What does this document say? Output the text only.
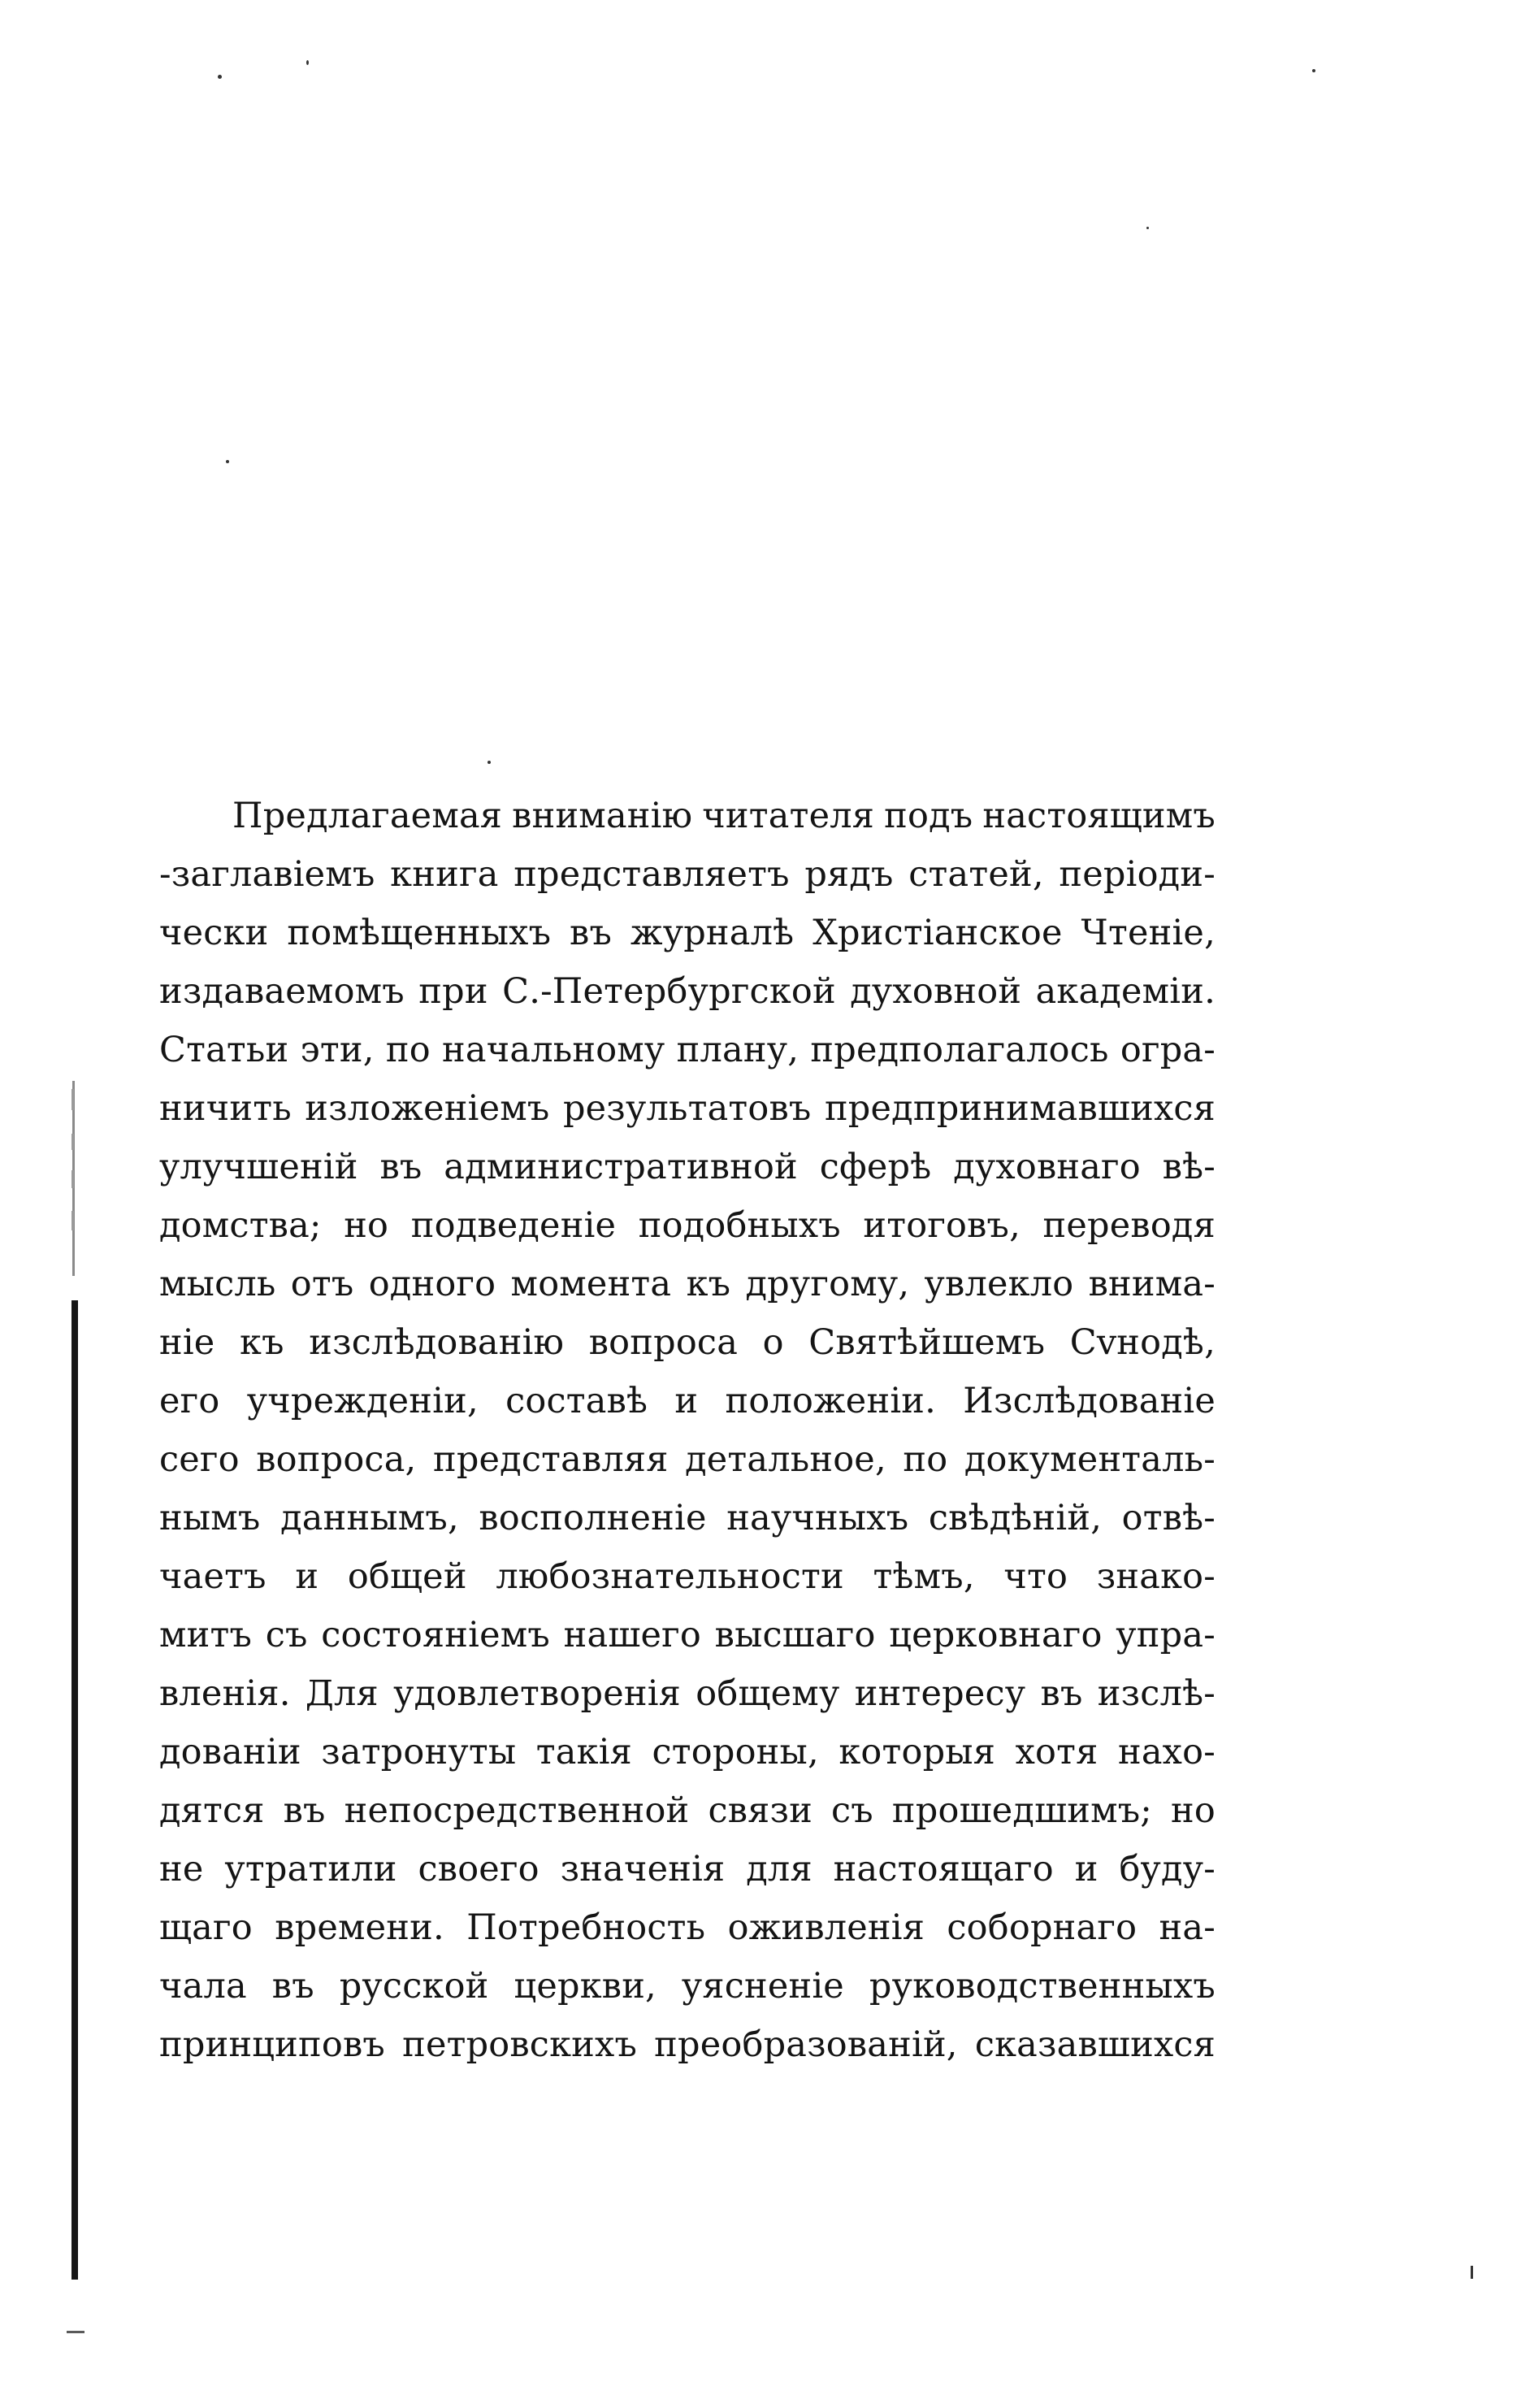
Предлагаемая вниманію читателя подъ настоящимъ
-заглавіемъ книга представляетъ рядъ статей, періоди-
чески помѣщенныхъ въ журналѣ Христіанское Чтеніе,
издаваемомъ при С.-Петербургской духовной академіи.
Статьи эти, по начальному плану, предполагалось огра-
ничить изложеніемъ результатовъ предпринимавшихся
улучшеній въ административной сферѣ духовнаго вѣ-
домства; но подведеніе подобныхъ итоговъ, переводя
мысль отъ одного момента къ другому, увлекло внима-
ніе къ изслѣдованію вопроса о Святѣйшемъ Сvнодѣ,
его учрежденіи, составѣ и положеніи. Изслѣдованіе
сего вопроса, представляя детальное, по документаль-
нымъ даннымъ, восполненіе научныхъ свѣдѣній, отвѣ-
чаетъ и общей любознательности тѣмъ, что знако-
митъ съ состояніемъ нашего высшаго церковнаго упра-
вленія. Для удовлетворенія общему интересу въ изслѣ-
дованіи затронуты такія стороны, которыя хотя нахо-
дятся въ непосредственной связи съ прошедшимъ; но
не утратили своего значенія для настоящаго и буду-
щаго времени. Потребность оживленія соборнаго на-
чала въ русской церкви, уясненіе руководственныхъ
принциповъ петровскихъ преобразованій, сказавшихся
